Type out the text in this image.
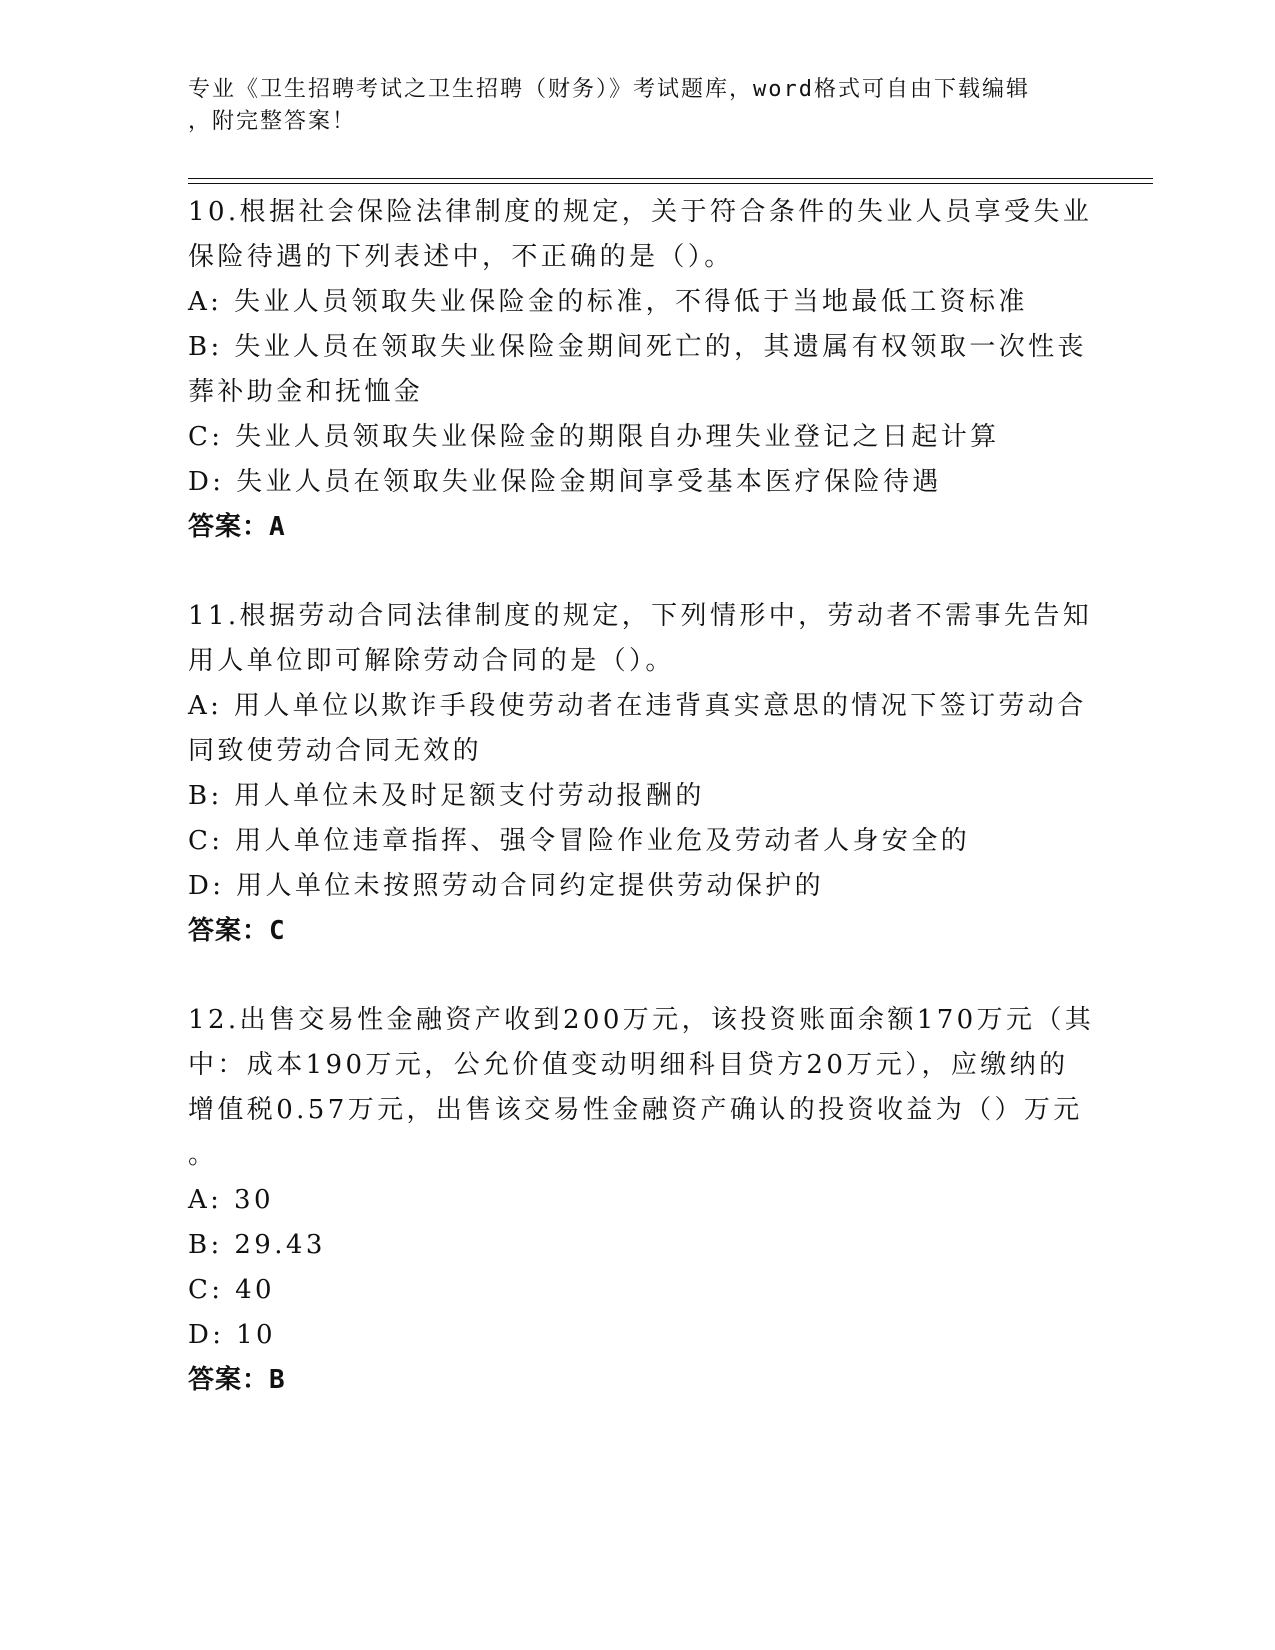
专业《卫生招聘考试之卫生招聘（财务）》考试题库，word格式可自由下载编辑
，附完整答案！
10.根据社会保险法律制度的规定，关于符合条件的失业人员享受失业
保险待遇的下列表述中，不正确的是（）。
A: 失业人员领取失业保险金的标准，不得低于当地最低工资标准
B: 失业人员在领取失业保险金期间死亡的，其遗属有权领取一次性丧
葬补助金和抚恤金
C: 失业人员领取失业保险金的期限自办理失业登记之日起计算
D: 失业人员在领取失业保险金期间享受基本医疗保险待遇
答案：A
11.根据劳动合同法律制度的规定，下列情形中，劳动者不需事先告知
用人单位即可解除劳动合同的是（）。
A: 用人单位以欺诈手段使劳动者在违背真实意思的情况下签订劳动合
同致使劳动合同无效的
B: 用人单位未及时足额支付劳动报酬的
C: 用人单位违章指挥、强令冒险作业危及劳动者人身安全的
D: 用人单位未按照劳动合同约定提供劳动保护的
答案：C
12.出售交易性金融资产收到200万元，该投资账面余额170万元（其
中：成本190万元，公允价值变动明细科目贷方20万元），应缴纳的
增值税0.57万元，出售该交易性金融资产确认的投资收益为（）万元
。
A: 30
B: 29.43
C: 40
D: 10
答案：B
